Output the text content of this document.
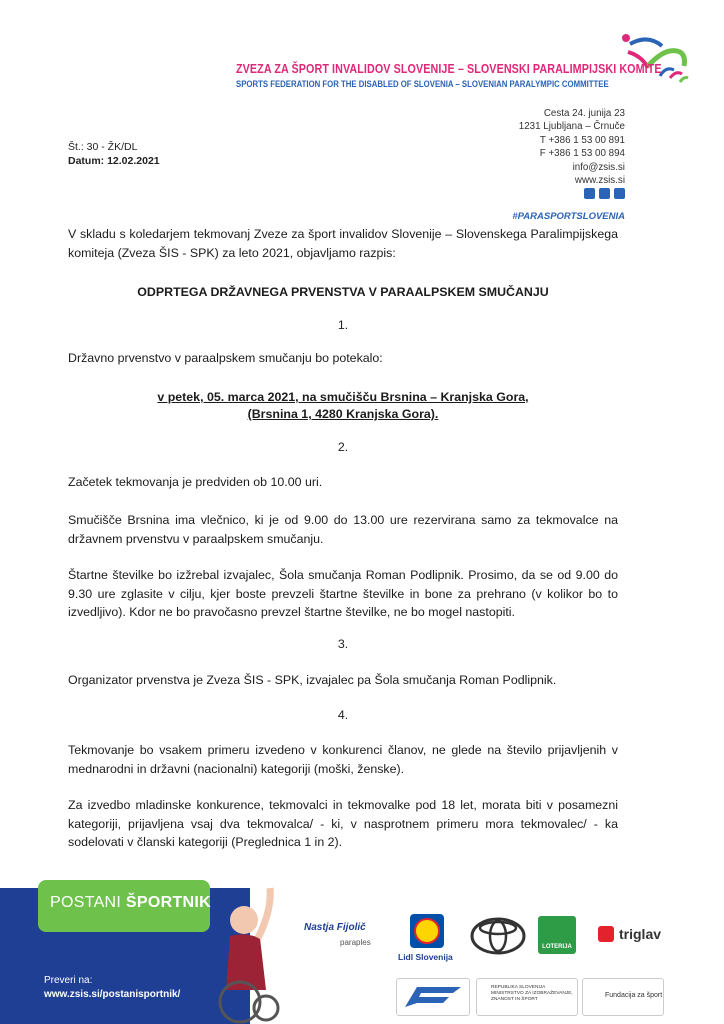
ZVEZA ZA ŠPORT INVALIDOV SLOVENIJE – SLOVENSKI PARALIMPIJSKI KOMITE
SPORTS FEDERATION FOR THE DISABLED OF SLOVENIA – SLOVENIAN PARALYMPIC COMMITTEE
Cesta 24. junija 23
1231 Ljubljana – Črnuče
T +386 1 53 00 891
F +386 1 53 00 894
info@zsis.si
www.zsis.si
#PARASPORTSLOVENIA
Št.: 30 - ŽK/DL
Datum: 12.02.2021
V skladu s koledarjem tekmovanj Zveze za šport invalidov Slovenije – Slovenskega Paralimpijskega komiteja (Zveza ŠIS - SPK) za leto 2021, objavljamo razpis:
ODPRTEGA DRŽAVNEGA PRVENSTVA V PARAALPSKEM SMUČANJU
1.
Državno prvenstvo v paraalpskem smučanju bo potekalo:
v petek, 05. marca 2021, na smučišču Brsnina – Kranjska Gora,
(Brsnina 1, 4280 Kranjska Gora).
2.
Začetek tekmovanja je predviden ob 10.00 uri.
Smučišče Brsnina ima vlečnico, ki je od 9.00 do 13.00 ure rezervirana samo za tekmovalce na državnem prvenstvu v paraalpskem smučanju.
Štartne številke bo izžrebal izvajalec, Šola smučanja Roman Podlipnik. Prosimo, da se od 9.00 do 9.30 ure zglasite v cilju, kjer boste prevzeli štartne številke in bone za prehrano (v kolikor bo to izvedljivo). Kdor ne bo pravočasno prevzel štartne številke, ne bo mogel nastopiti.
3.
Organizator prvenstva je Zveza ŠIS - SPK, izvajalec pa Šola smučanja Roman Podlipnik.
4.
Tekmovanje bo vsakem primeru izvedeno v konkurenci članov, ne glede na število prijavljenih v mednarodni in državni (nacionalni) kategoriji (moški, ženske).
Za izvedbo mladinske konkurence, tekmovalci in tekmovalke pod 18 let, morata biti v posamezni kategoriji, prijavljena vsaj dva tekmovalca/ - ki, v nasprotnem primeru mora tekmovalec/ - ka sodelovati v članski kategoriji (Preglednica 1 in 2).
Preveri na:
www.zsis.si/postanisportnik/
POSTANI ŠPORTNIK
Nastja Fijolič
paraples
Lidl Slovenija
LOTERIJA
triglav
REPUBLIKA SLOVENIJA MINISTRSTVO ZA IZOBRAŽEVANJE, ZNANOST IN ŠPORT
Fundacija za šport
